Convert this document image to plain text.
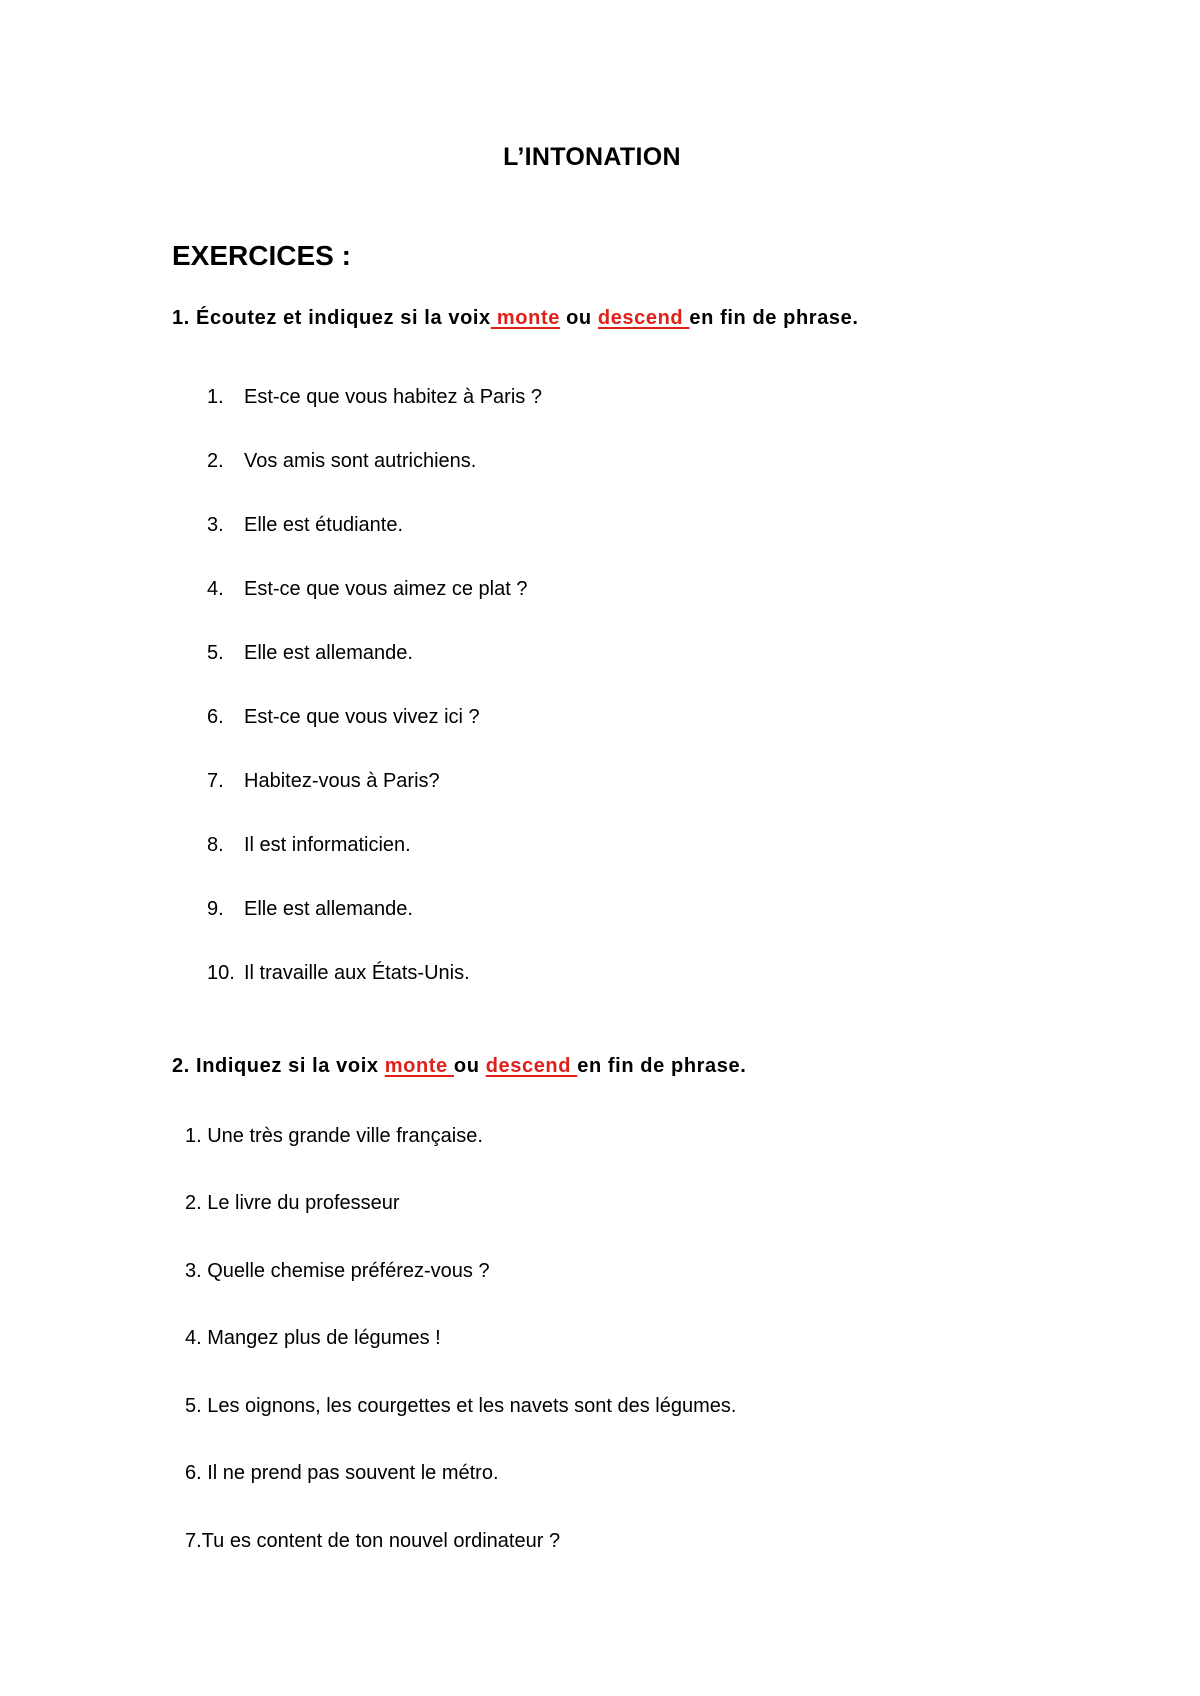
L’INTONATION
EXERCICES :
1. Écoutez et indiquez si la voix monte ou descend en fin de phrase.

1.

Est-ce que vous habitez à Paris ?

2.

Vos amis sont autrichiens.

3.

Elle est étudiante.

4.

Est-ce que vous aimez ce plat ?

5.

Elle est allemande.

6.

Est-ce que vous vivez ici ?

7.

Habitez-vous à Paris?

8.

Il est informaticien.

9.

Elle est allemande.

10.

Il travaille aux États-Unis.

2. Indiquez si la voix monte ou descend en fin de phrase.
1. Une très grande ville française.
2. Le livre du professeur
3. Quelle chemise préférez-vous ?
4. Mangez plus de légumes !
5. Les oignons, les courgettes et les navets sont des légumes.
6. Il ne prend pas souvent le métro.
7.Tu es content de ton nouvel ordinateur ?
